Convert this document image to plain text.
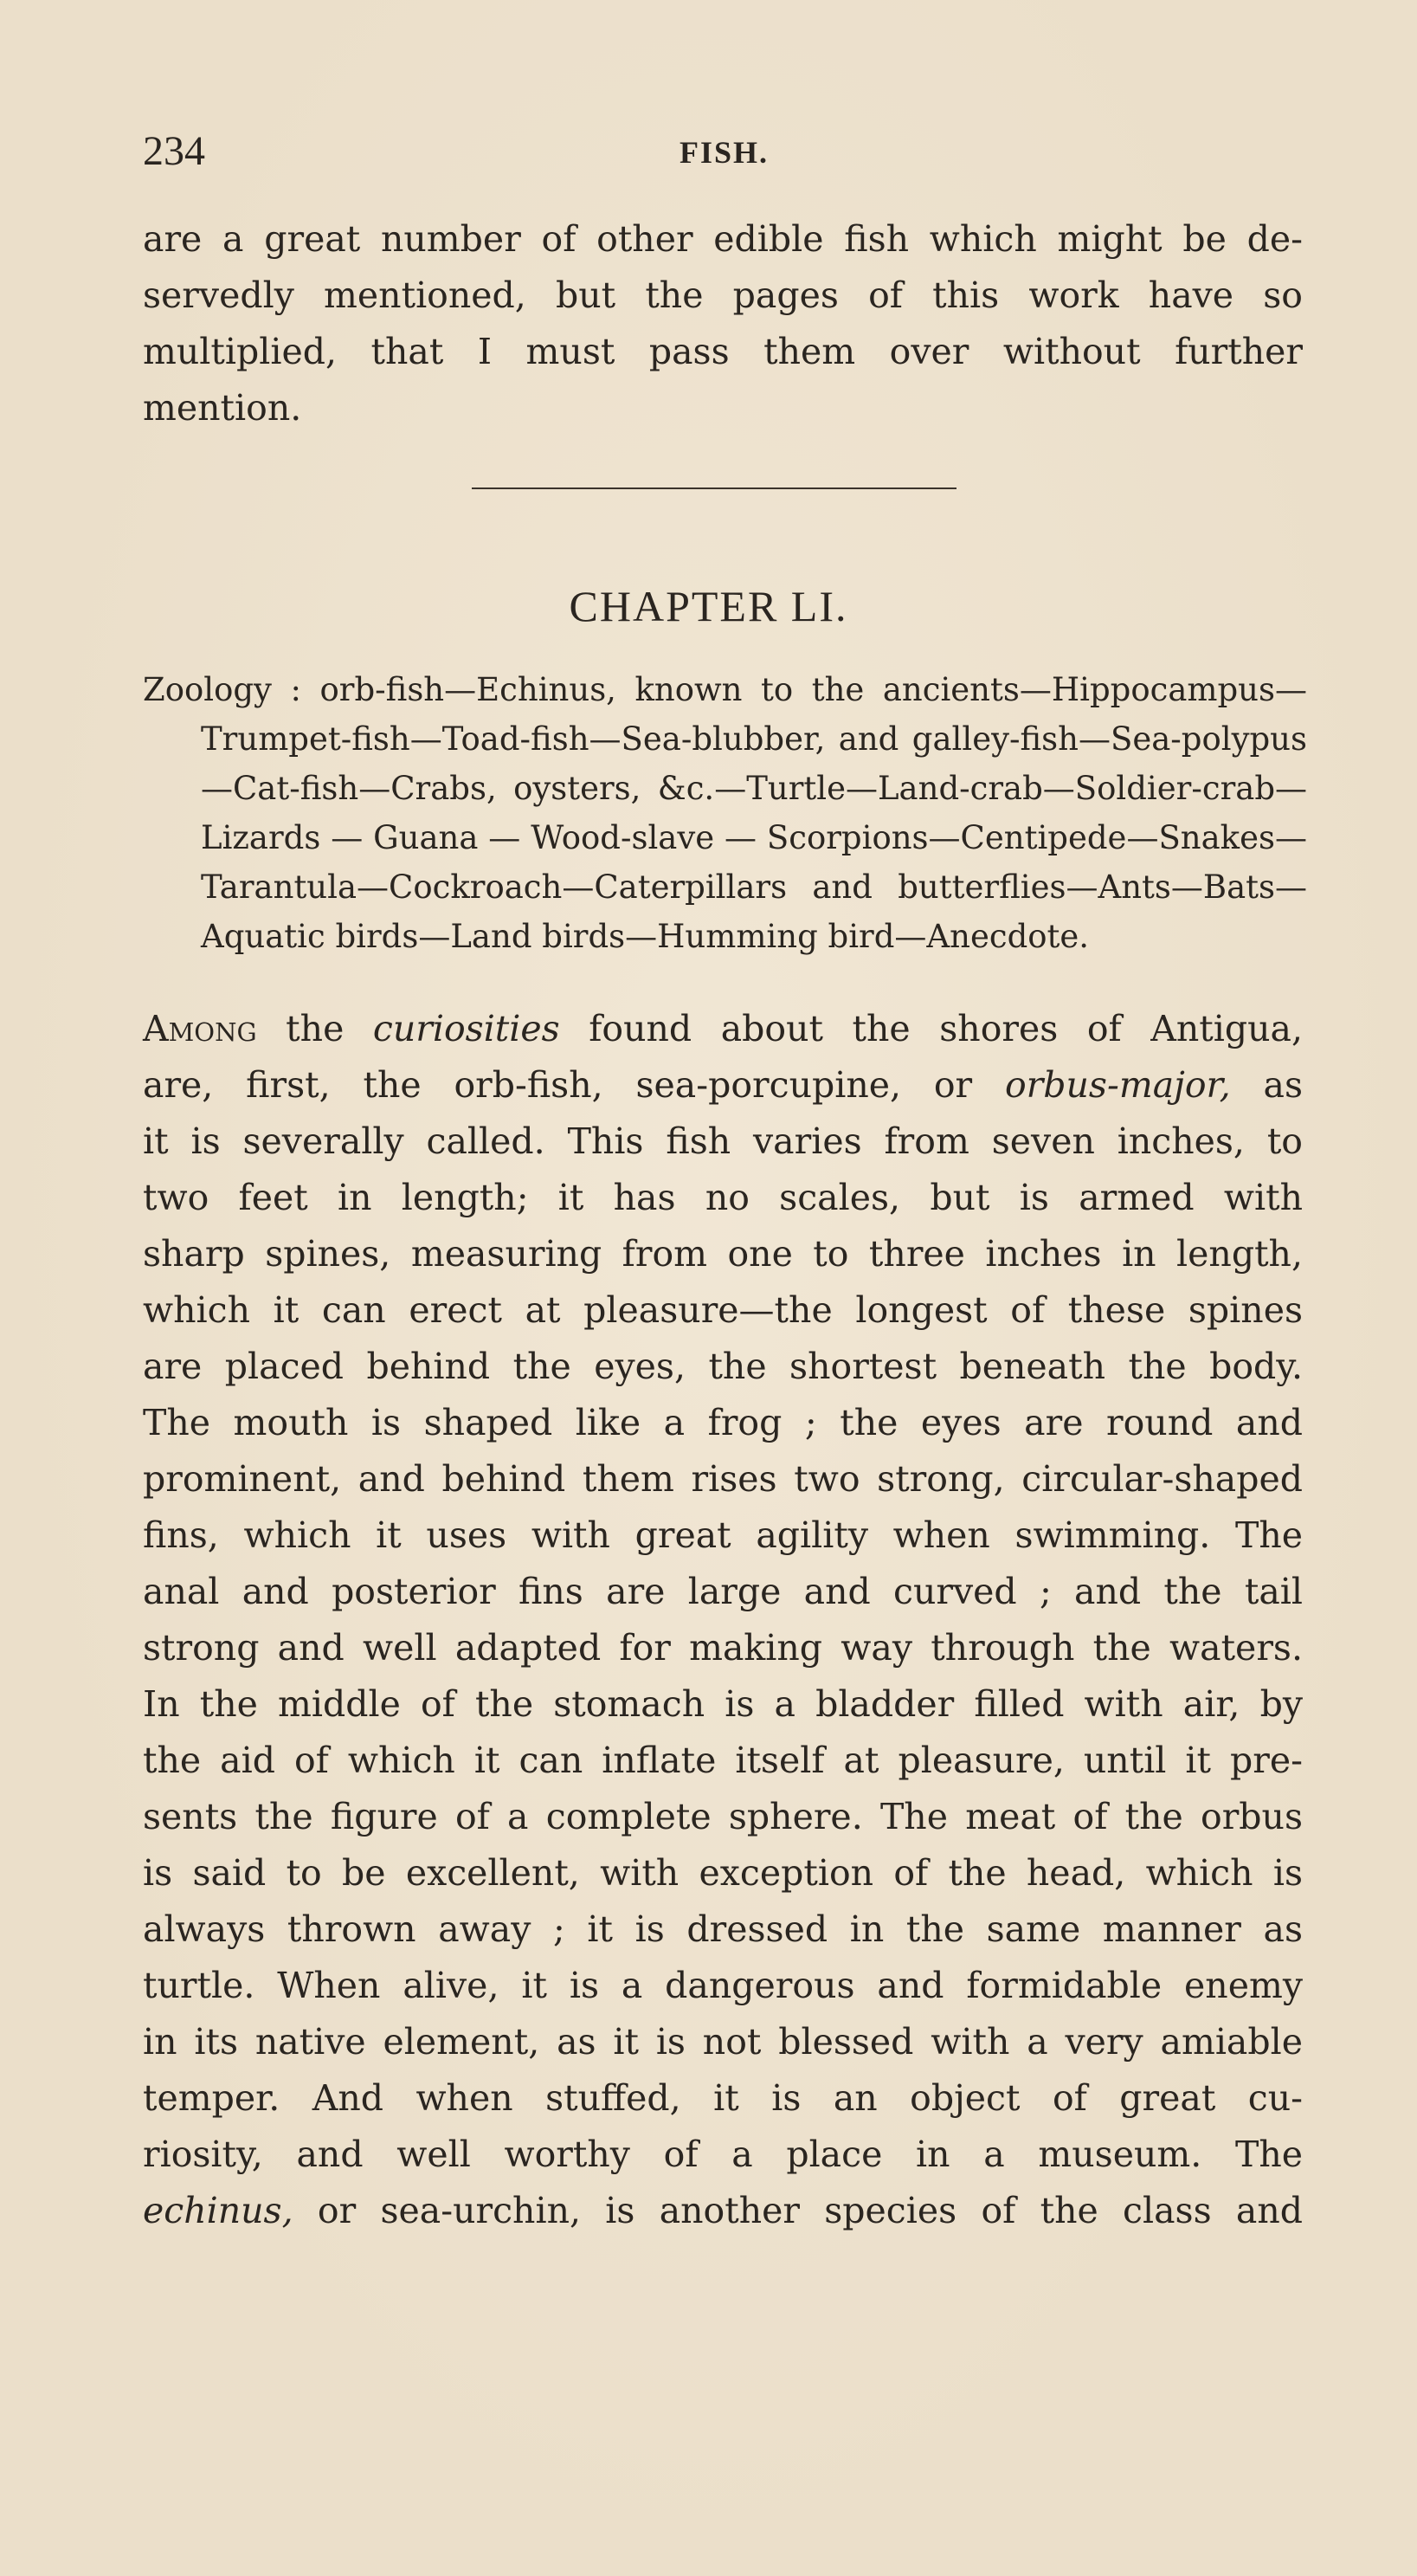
234	FISH.
are a great number of other edible fish which might be de-
servedly mentioned, but the pages of this work have so
multiplied, that I must pass them over without further
mention.
CHAPTER LI.
Zoology : orb-fish—Echinus, known to the ancients—Hippocampus—
Trumpet-fish—Toad-fish—Sea-blubber, and galley-fish—Sea-polypus
—Cat-fish—Crabs, oysters, &c.—Turtle—Land-crab—Soldier-crab—
Lizards — Guana — Wood-slave — Scorpions—Centipede—Snakes—
Tarantula—Cockroach—Caterpillars and butterflies—Ants—Bats—
Aquatic birds—Land birds—Humming bird—Anecdote.
Among the curiosities found about the shores of Antigua,
are, first, the orb-fish, sea-porcupine, or orbus-major, as
it is severally called. This fish varies from seven inches, to
two feet in length; it has no scales, but is armed with
sharp spines, measuring from one to three inches in length,
which it can erect at pleasure—the longest of these spines
are placed behind the eyes, the shortest beneath the body.
The mouth is shaped like a frog ; the eyes are round and
prominent, and behind them rises two strong, circular-shaped
fins, which it uses with great agility when swimming. The
anal and posterior fins are large and curved ; and the tail
strong and well adapted for making way through the waters.
In the middle of the stomach is a bladder filled with air, by
the aid of which it can inflate itself at pleasure, until it pre-
sents the figure of a complete sphere. The meat of the orbus
is said to be excellent, with exception of the head, which is
always thrown away ; it is dressed in the same manner as
turtle. When alive, it is a dangerous and formidable enemy
in its native element, as it is not blessed with a very amiable
temper. And when stuffed, it is an object of great cu-
riosity, and well worthy of a place in a museum. The
echinus, or sea-urchin, is another species of the class and
